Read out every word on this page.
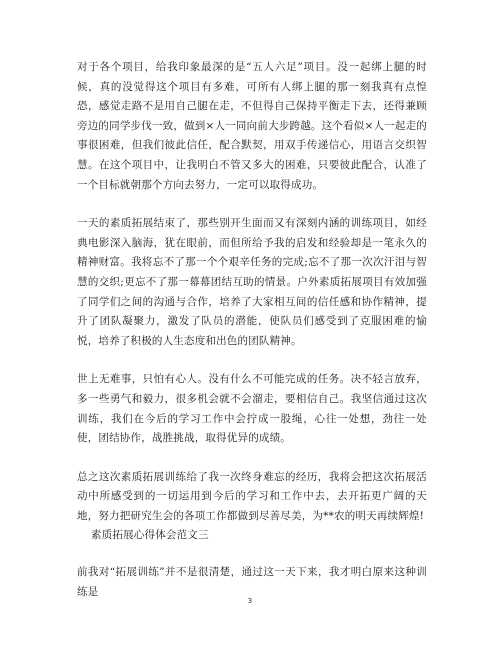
对于各个项目，给我印象最深的是“五人六足”项目。没一起绑上腿的时候，真的没觉得这个项目有多难，可所有人绑上腿的那一刻我真有点惶恐，感觉走路不是用自己腿在走，不但得自己保持平衡走下去，还得兼顾旁边的同学步伐一致，做到×人一同向前大步跨越。这个看似×人一起走的事很困难，但我们彼此信任，配合默契，用双手传递信心，用语言交织智慧。在这个项目中，让我明白不管又多大的困难，只要彼此配合，认准了一个目标就朝那个方向去努力，一定可以取得成功。

一天的素质拓展结束了，那些别开生面而又有深刻内涵的训练项目，如经典电影深入脑海，犹在眼前，而但所给予我的启发和经验却是一笔永久的精神财富。我将忘不了那一个个艰辛任务的完成;忘不了那一次次汗泪与智慧的交织;更忘不了那一幕幕团结互助的情景。户外素质拓展项目有效加强了同学们之间的沟通与合作，培养了大家相互间的信任感和协作精神，提升了团队凝聚力，激发了队员的潜能，使队员们感受到了克服困难的愉悦，培养了积极的人生态度和出色的团队精神。

世上无难事，只怕有心人。没有什么不可能完成的任务。决不轻言放弃，多一些勇气和毅力，很多机会就不会溜走，要相信自己。我坚信通过这次训练，我们在今后的学习工作中会拧成一股绳，心往一处想，劲往一处使，团结协作，战胜挑战，取得优异的成绩。

总之这次素质拓展训练给了我一次终身难忘的经历，我将会把这次拓展活动中所感受到的一切运用到今后的学习和工作中去，去开拓更广阔的天地，努力把研究生会的各项工作都做到尽善尽美，为**农的明天再续辉煌!

素质拓展心得体会范文三

前我对“拓展训练”并不是很清楚，通过这一天下来，我才明白原来这种训练是

3
